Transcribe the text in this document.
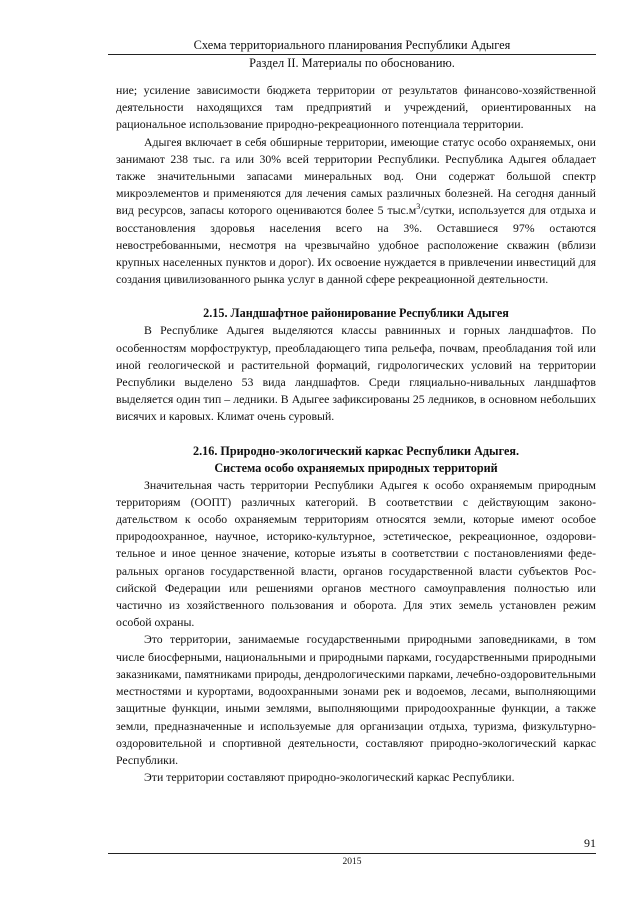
Схема территориального планирования Республики Адыгея
Раздел II. Материалы по обоснованию.

ние; усиление зависимости бюджета территории от результатов финансово-хозяйственной деятельности находящихся там предприятий и учреждений, ориентированных на рациональное использование природно-рекреационного потенциала территории.

Адыгея включает в себя обширные территории, имеющие статус особо охраняемых, они занимают 238 тыс. га или 30% всей территории Республики. Республика Адыгея обладает также значительными запасами минеральных вод. Они содержат большой спектр микроэлементов и применяются для лечения самых различных болезней. На сегодня данный вид ресурсов, запасы которого оцениваются более 5 $тыс.м^3$/сутки, используется для отдыха и восстановления здоровья населения всего на 3%. Оставшиеся 97% остаются невостребованными, несмотря на чрезвычайно удобное расположение скважин (вблизи крупных населенных пунктов и дорог). Их освоение нуждается в привлечении инвестиций для создания цивилизованного рынка услуг в данной сфере рекреационной деятельности.

2.15. Ландшафтное районирование Республики Адыгея

В Республике Адыгея выделяются классы равнинных и горных ландшафтов. По особенностям морфоструктур, преобладающего типа рельефа, почвам, преобладания той или иной геологической и растительной формаций, гидрологических условий на территории Республики выделено 53 вида ландшафтов. Среди гляциально-нивальных ландшафтов выделяется один тип – ледники. В Адыгее зафиксированы 25 ледников, в основном небольших висячих и каровых. Климат очень суровый.

2.16. Природно-экологический каркас Республики Адыгея.
Система особо охраняемых природных территорий

Значительная часть территории Республики Адыгея к особо охраняемым природным территориям (ООПТ) различных категорий. В соответствии с действующим законодательством к особо охраняемым территориям относятся земли, которые имеют особое природоохранное, научное, историко-культурное, эстетическое, рекреационное, оздоровительное и иное ценное значение, которые изъяты в соответствии с постановлениями федеральных органов государственной власти, органов государственной власти субъектов Российской Федерации или решениями органов местного самоуправления полностью или частично из хозяйственного пользования и оборота. Для этих земель установлен режим особой охраны.

Это территории, занимаемые государственными природными заповедниками, в том числе биосферными, национальными и природными парками, государственными природными заказниками, памятниками природы, дендрологическими парками, лечебно-оздоровительными местностями и курортами, водоохранными зонами рек и водоемов, лесами, выполняющими защитные функции, иными землями, выполняющими природоохранные функции, а также земли, предназначенные и используемые для организации отдыха, туризма, физкультурно-оздоровительной и спортивной деятельности, составляют природно-экологический каркас Республики.

Эти территории составляют природно-экологический каркас Республики.

91
2015
